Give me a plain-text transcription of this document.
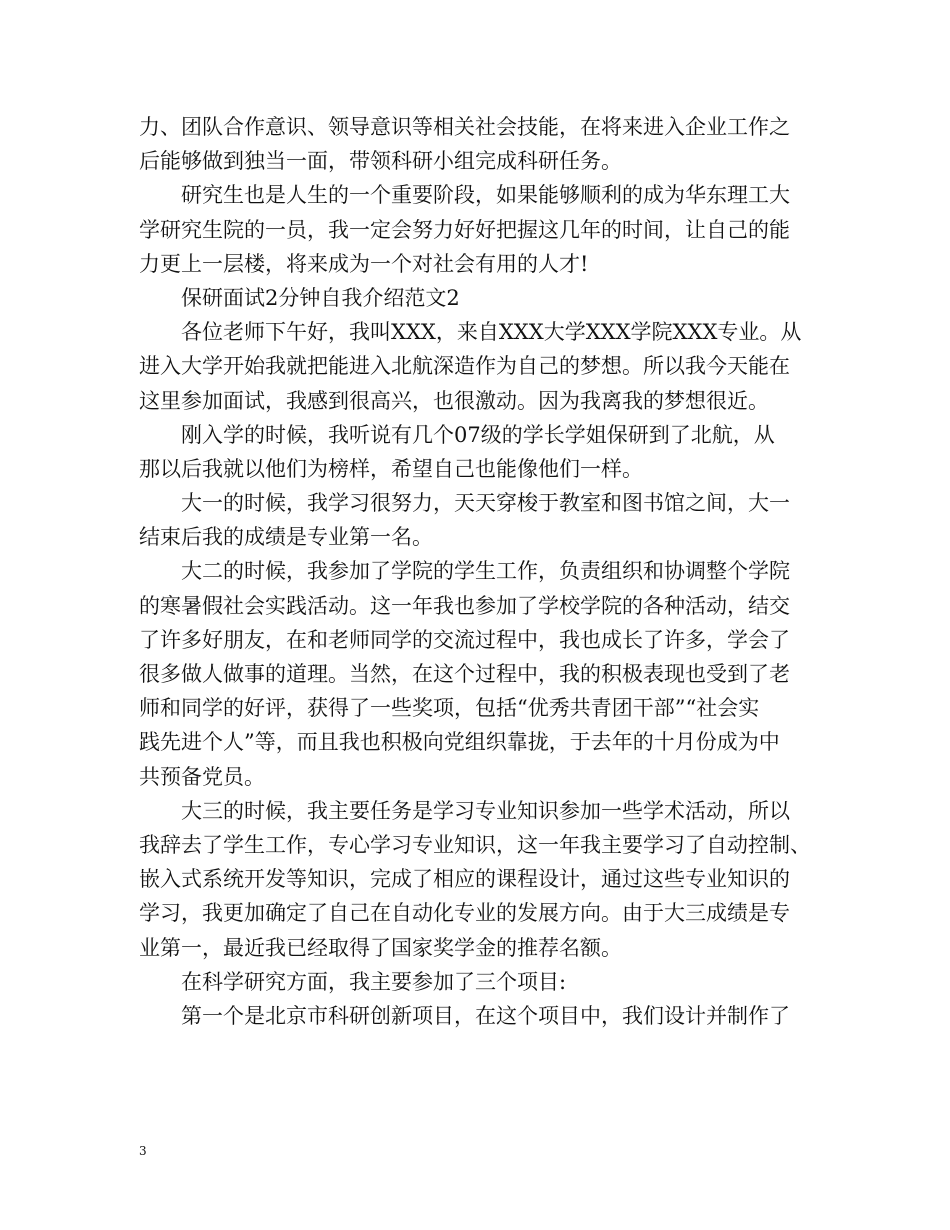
力、团队合作意识、领导意识等相关社会技能，在将来进入企业工作之
后能够做到独当一面，带领科研小组完成科研任务。
研究生也是人生的一个重要阶段，如果能够顺利的成为华东理工大
学研究生院的一员，我一定会努力好好把握这几年的时间，让自己的能
力更上一层楼，将来成为一个对社会有用的人才!
保研面试2分钟自我介绍范文2
各位老师下午好，我叫XXX，来自XXX大学XXX学院XXX专业。从
进入大学开始我就把能进入北航深造作为自己的梦想。所以我今天能在
这里参加面试，我感到很高兴，也很激动。因为我离我的梦想很近。
刚入学的时候，我听说有几个07级的学长学姐保研到了北航，从
那以后我就以他们为榜样，希望自己也能像他们一样。
大一的时候，我学习很努力，天天穿梭于教室和图书馆之间，大一
结束后我的成绩是专业第一名。
大二的时候，我参加了学院的学生工作，负责组织和协调整个学院
的寒暑假社会实践活动。这一年我也参加了学校学院的各种活动，结交
了许多好朋友，在和老师同学的交流过程中，我也成长了许多，学会了
很多做人做事的道理。当然，在这个过程中，我的积极表现也受到了老
师和同学的好评，获得了一些奖项，包括“优秀共青团干部”“社会实
践先进个人”等，而且我也积极向党组织靠拢，于去年的十月份成为中
共预备党员。
大三的时候，我主要任务是学习专业知识参加一些学术活动，所以
我辞去了学生工作，专心学习专业知识，这一年我主要学习了自动控制、
嵌入式系统开发等知识，完成了相应的课程设计，通过这些专业知识的
学习，我更加确定了自己在自动化专业的发展方向。由于大三成绩是专
业第一，最近我已经取得了国家奖学金的推荐名额。
在科学研究方面，我主要参加了三个项目:
第一个是北京市科研创新项目，在这个项目中，我们设计并制作了
3
